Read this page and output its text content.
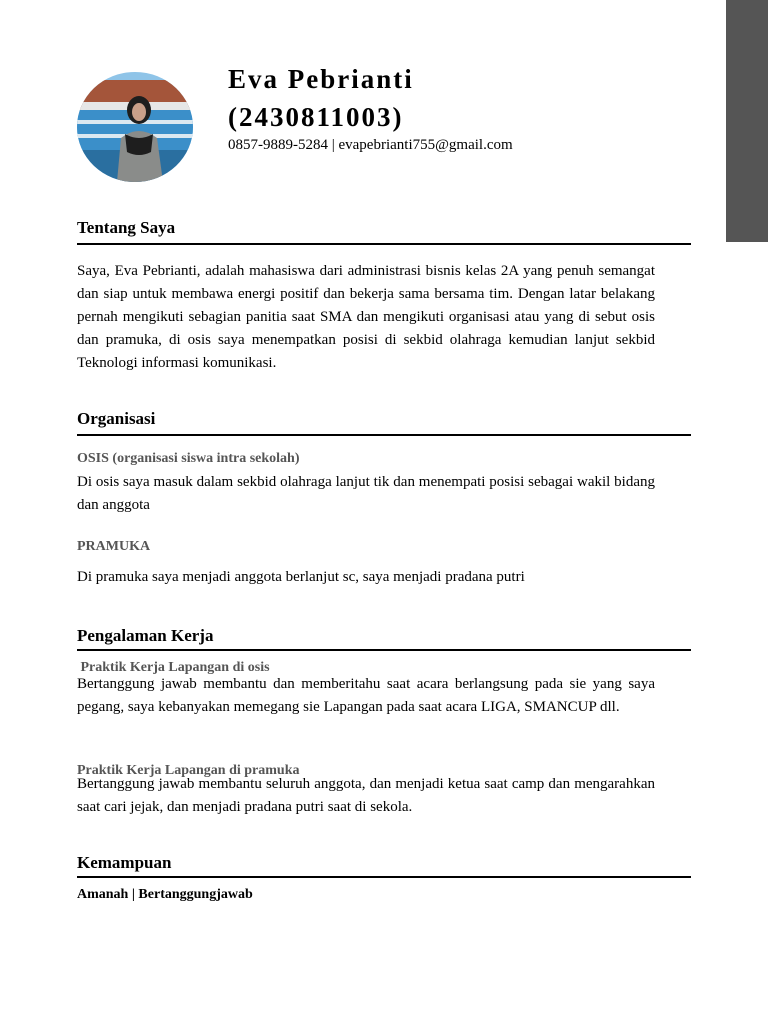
Eva Pebrianti
(2430811003)
0857-9889-5284 | evapebrianti755@gmail.com
Tentang Saya
Saya, Eva Pebrianti, adalah mahasiswa dari administrasi bisnis kelas 2A yang penuh semangat dan siap untuk membawa energi positif dan bekerja sama bersama tim. Dengan latar belakang pernah mengikuti sebagian panitia saat SMA dan mengikuti organisasi atau yang di sebut osis dan pramuka, di osis saya menempatkan posisi di sekbid olahraga kemudian lanjut sekbid Teknologi informasi komunikasi.
Organisasi
OSIS (organisasi siswa intra sekolah)
Di osis saya masuk dalam sekbid olahraga lanjut tik dan menempati posisi sebagai wakil bidang dan anggota
PRAMUKA
Di pramuka saya menjadi anggota berlanjut sc, saya menjadi pradana putri
Pengalaman Kerja
Praktik Kerja Lapangan di osis
Bertanggung jawab membantu dan memberitahu saat acara berlangsung pada sie yang saya pegang, saya kebanyakan memegang sie Lapangan pada saat acara LIGA, SMANCUP dll.
Praktik Kerja Lapangan di pramuka
Bertanggung jawab membantu seluruh anggota, dan menjadi ketua saat camp dan mengarahkan saat cari jejak, dan menjadi pradana putri saat di sekola.
Kemampuan
Amanah | Bertanggungjawab
